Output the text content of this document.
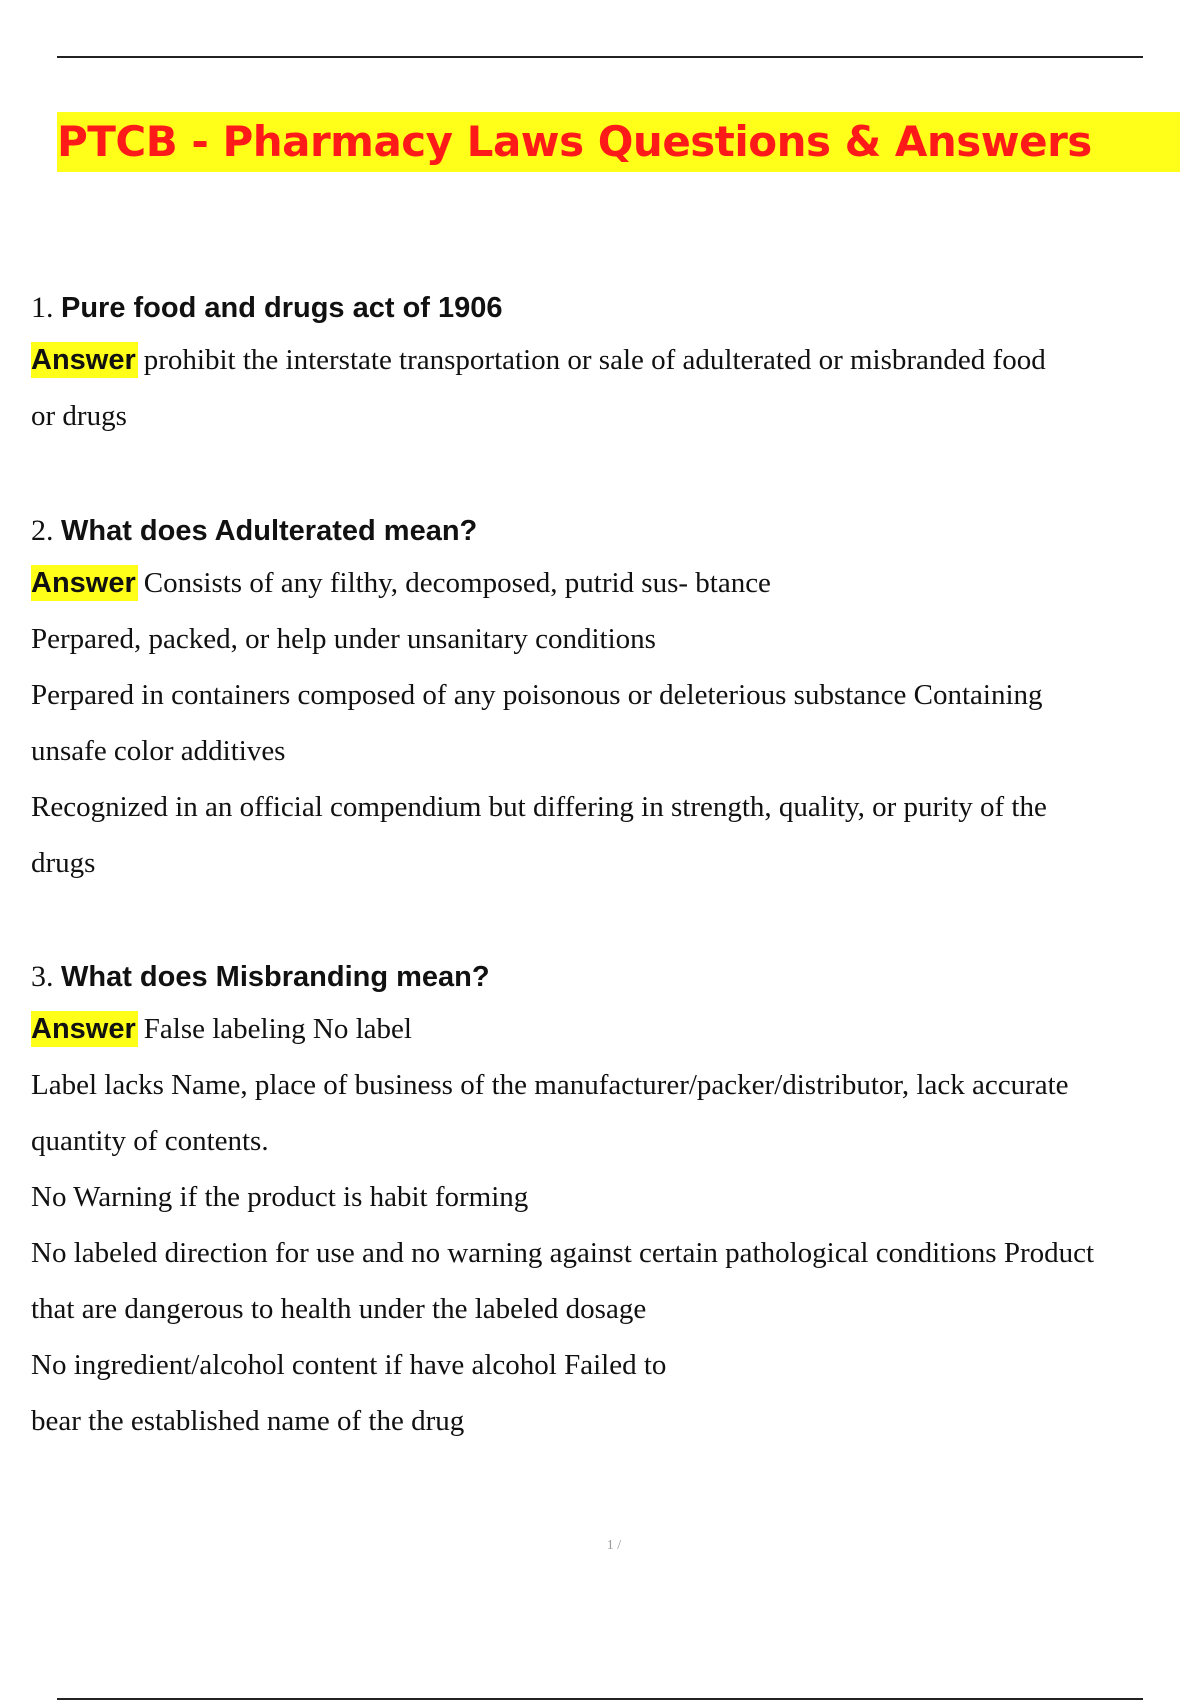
PTCB - Pharmacy Laws Questions & Answers
1. Pure food and drugs act of 1906
Answer prohibit the interstate transportation or sale of adulterated or misbranded food
or drugs
2. What does Adulterated mean?
Answer Consists of any filthy, decomposed, putrid sus- btance
Perpared, packed, or help under unsanitary conditions
Perpared in containers composed of any poisonous or deleterious substance Containing
unsafe color additives
Recognized in an official compendium but differing in strength, quality, or purity of the
drugs
3. What does Misbranding mean?
Answer False labeling No label
Label lacks Name, place of business of the manufacturer/packer/distributor, lack accurate
quantity of contents.
No Warning if the product is habit forming
No labeled direction for use and no warning against certain pathological conditions Product
that are dangerous to health under the labeled dosage
No ingredient/alcohol content if have alcohol Failed to
bear the established name of the drug
1 /
